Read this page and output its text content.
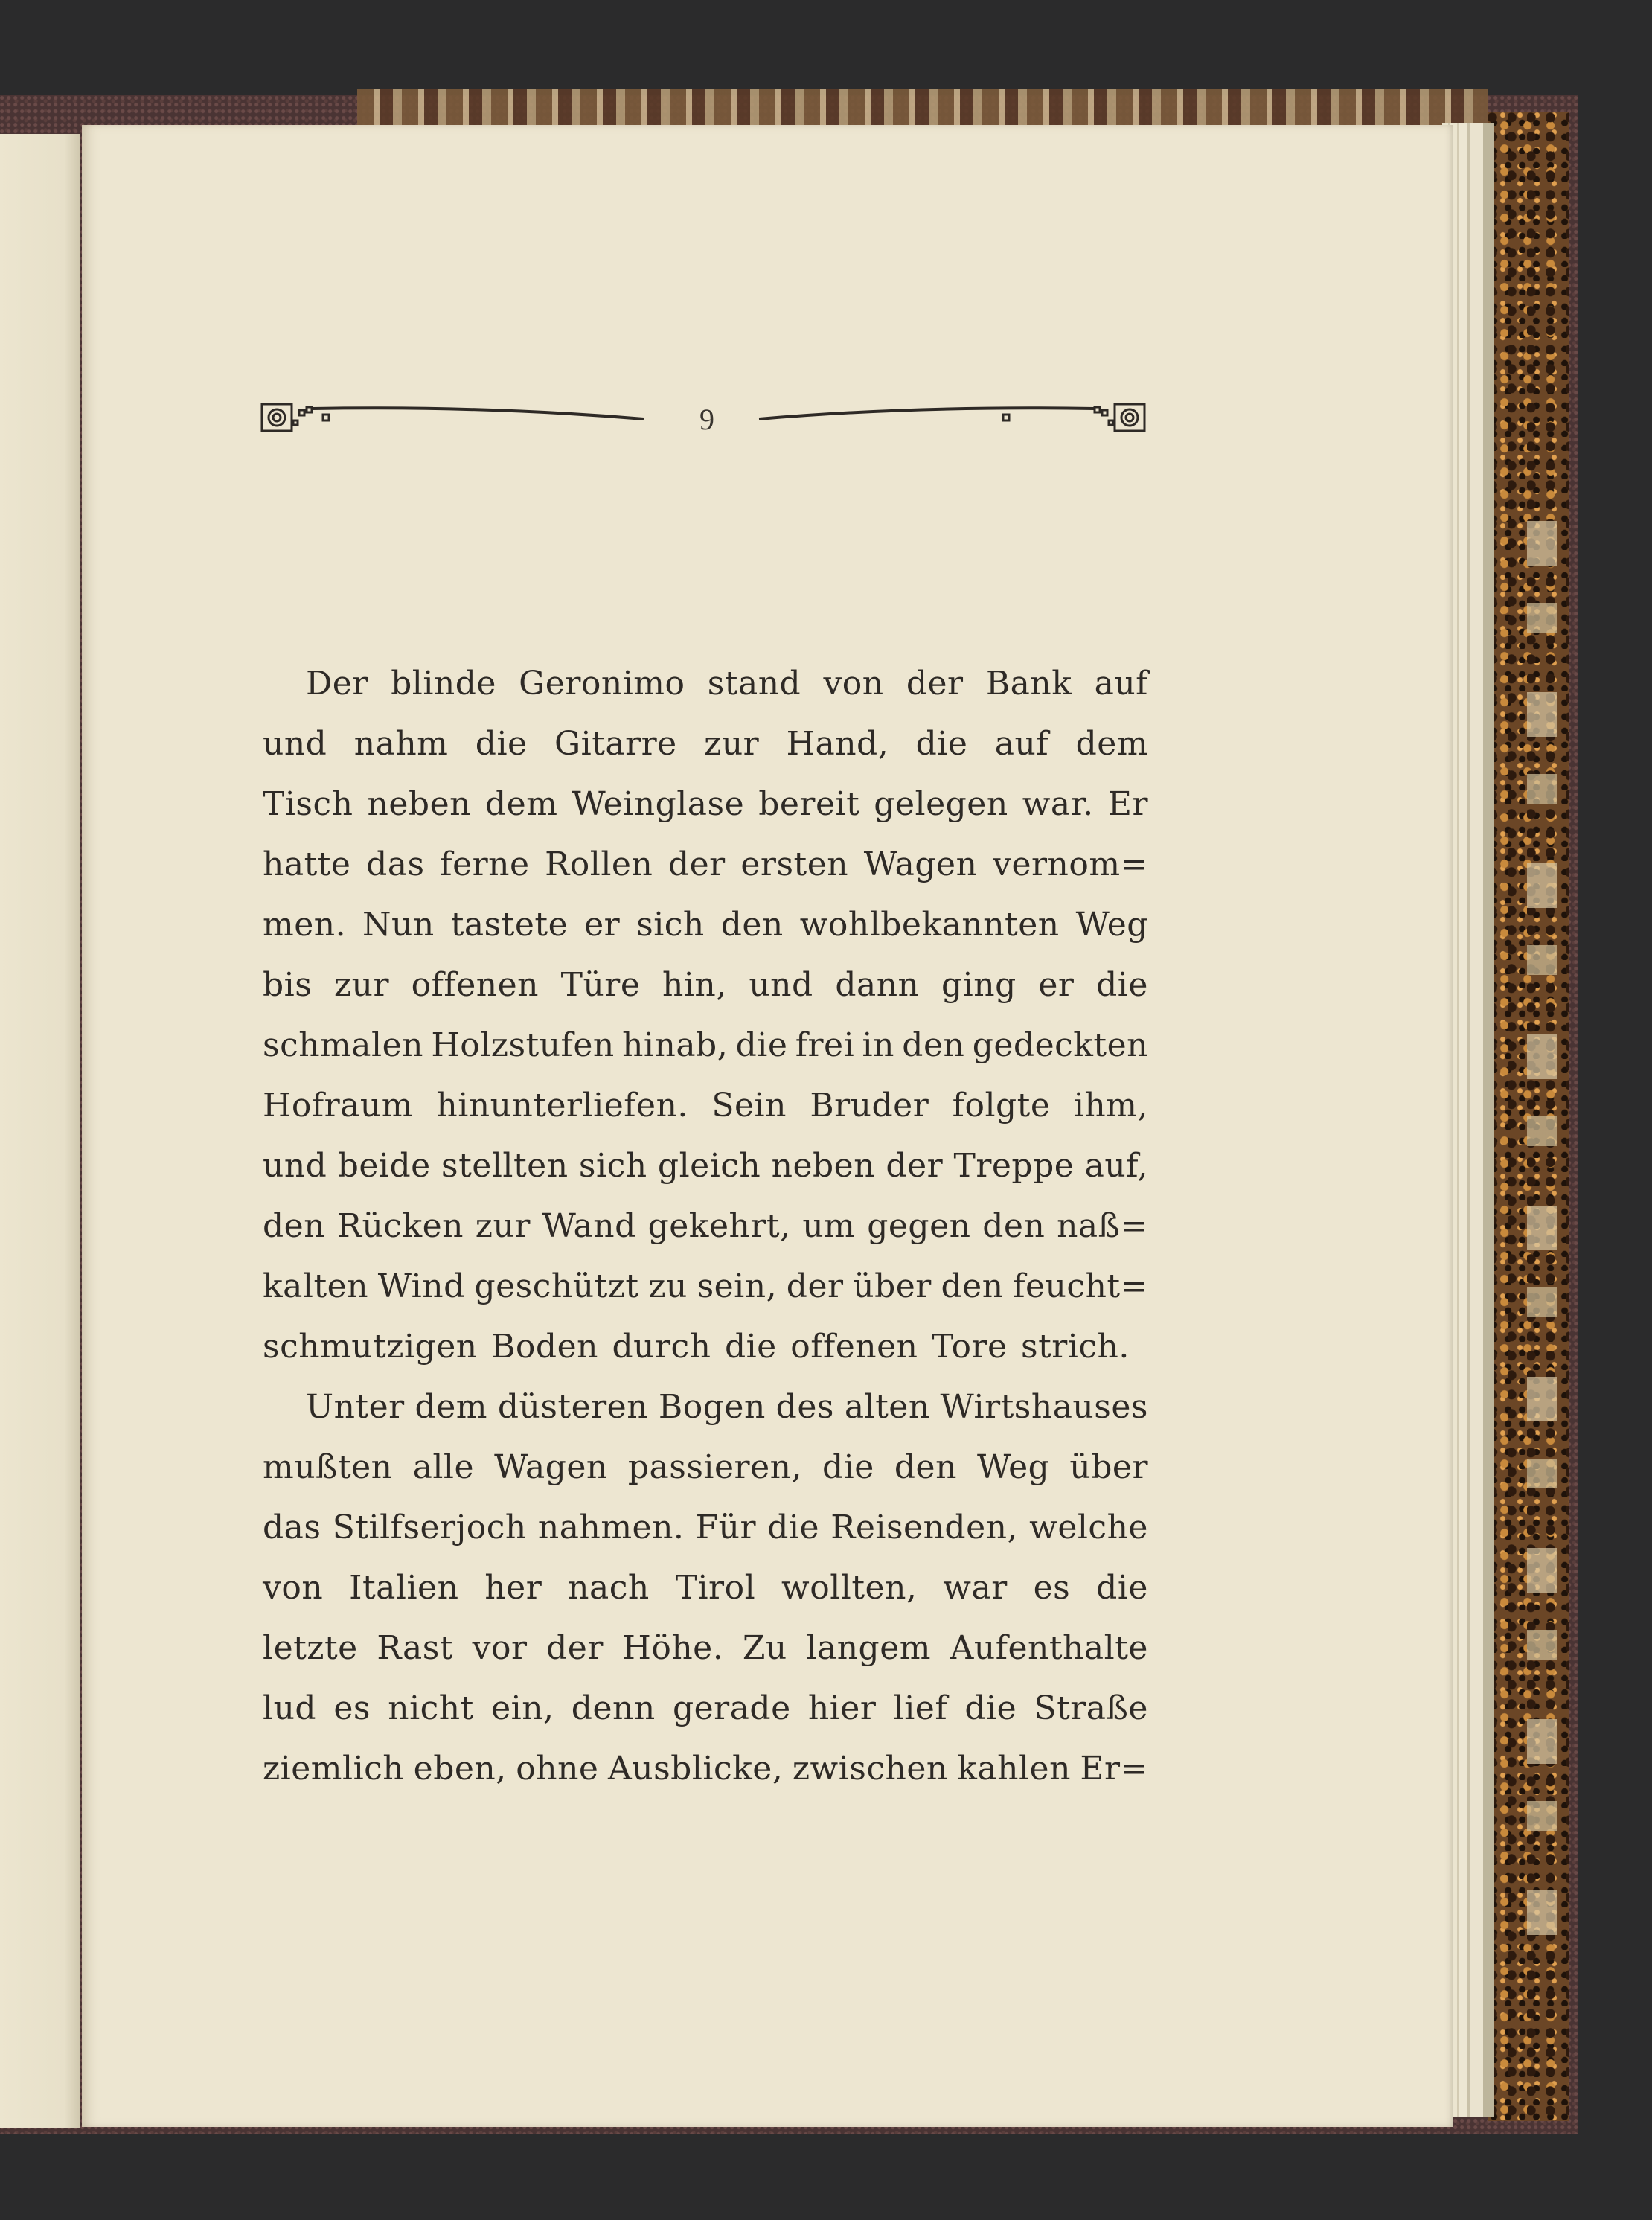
9
Der blinde Geronimo stand von der Bank auf
und nahm die Gitarre zur Hand, die auf dem
Tisch neben dem Weinglase bereit gelegen war. Er
hatte das ferne Rollen der ersten Wagen vernom=
men. Nun tastete er sich den wohlbekannten Weg
bis zur offenen Türe hin, und dann ging er die
schmalen Holzstufen hinab, die frei in den gedeckten
Hofraum hinunterliefen. Sein Bruder folgte ihm,
und beide stellten sich gleich neben der Treppe auf,
den Rücken zur Wand gekehrt, um gegen den naß=
kalten Wind geschützt zu sein, der über den feucht=
schmutzigen Boden durch die offenen Tore strich.
Unter dem düsteren Bogen des alten Wirtshauses
mußten alle Wagen passieren, die den Weg über
das Stilfserjoch nahmen. Für die Reisenden, welche
von Italien her nach Tirol wollten, war es die
letzte Rast vor der Höhe. Zu langem Aufenthalte
lud es nicht ein, denn gerade hier lief die Straße
ziemlich eben, ohne Ausblicke, zwischen kahlen Er=
